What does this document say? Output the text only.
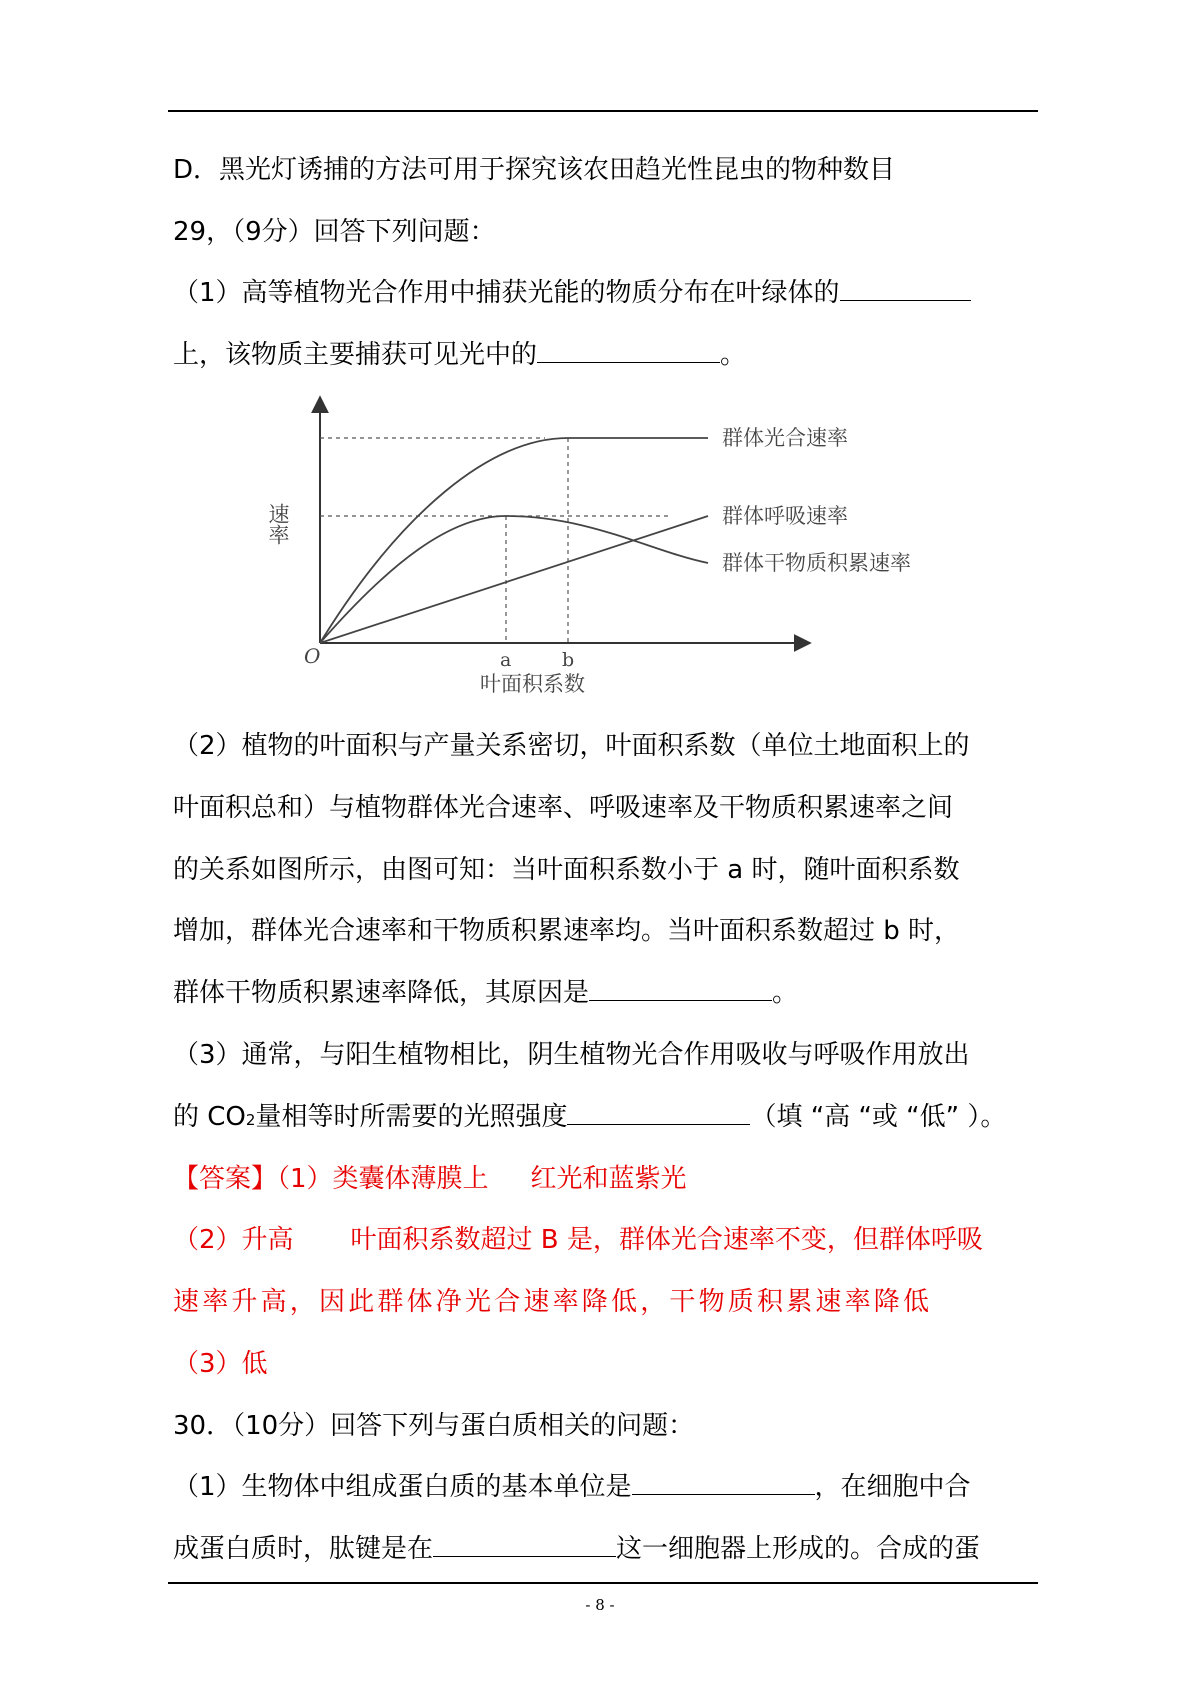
D．黑光灯诱捕的方法可用于探究该农田趋光性昆虫的物种数目
29，（9分）回答下列问题：
（1）高等植物光合作用中捕获光能的物质分布在叶绿体的
上，该物质主要捕获可见光中的	。
群体光合速率
群体呼吸速率
群体干物质积累速率
速率
O	a	b
叶面积系数
（2）植物的叶面积与产量关系密切，叶面积系数（单位土地面积上的
叶面积总和）与植物群体光合速率、呼吸速率及干物质积累速率之间
的关系如图所示，由图可知：当叶面积系数小于 a 时，随叶面积系数
增加，群体光合速率和干物质积累速率均。当叶面积系数超过 b 时，
群体干物质积累速率降低，其原因是	。
（3）通常，与阳生植物相比，阴生植物光合作用吸收与呼吸作用放出
的 CO2量相等时所需要的光照强度	（填 “高 “或 “低” ）。
【答案】（1）类囊体薄膜上 红光和蓝紫光
（2）升高 叶面积系数超过 B 是，群体光合速率不变，但群体呼吸
速率升高，因此群体净光合速率降低，干物质积累速率降低
（3）低
30．（10分）回答下列与蛋白质相关的问题：
（1）生物体中组成蛋白质的基本单位是	，在细胞中合
成蛋白质时，肽键是在	这一细胞器上形成的。合成的蛋
- 8 -
